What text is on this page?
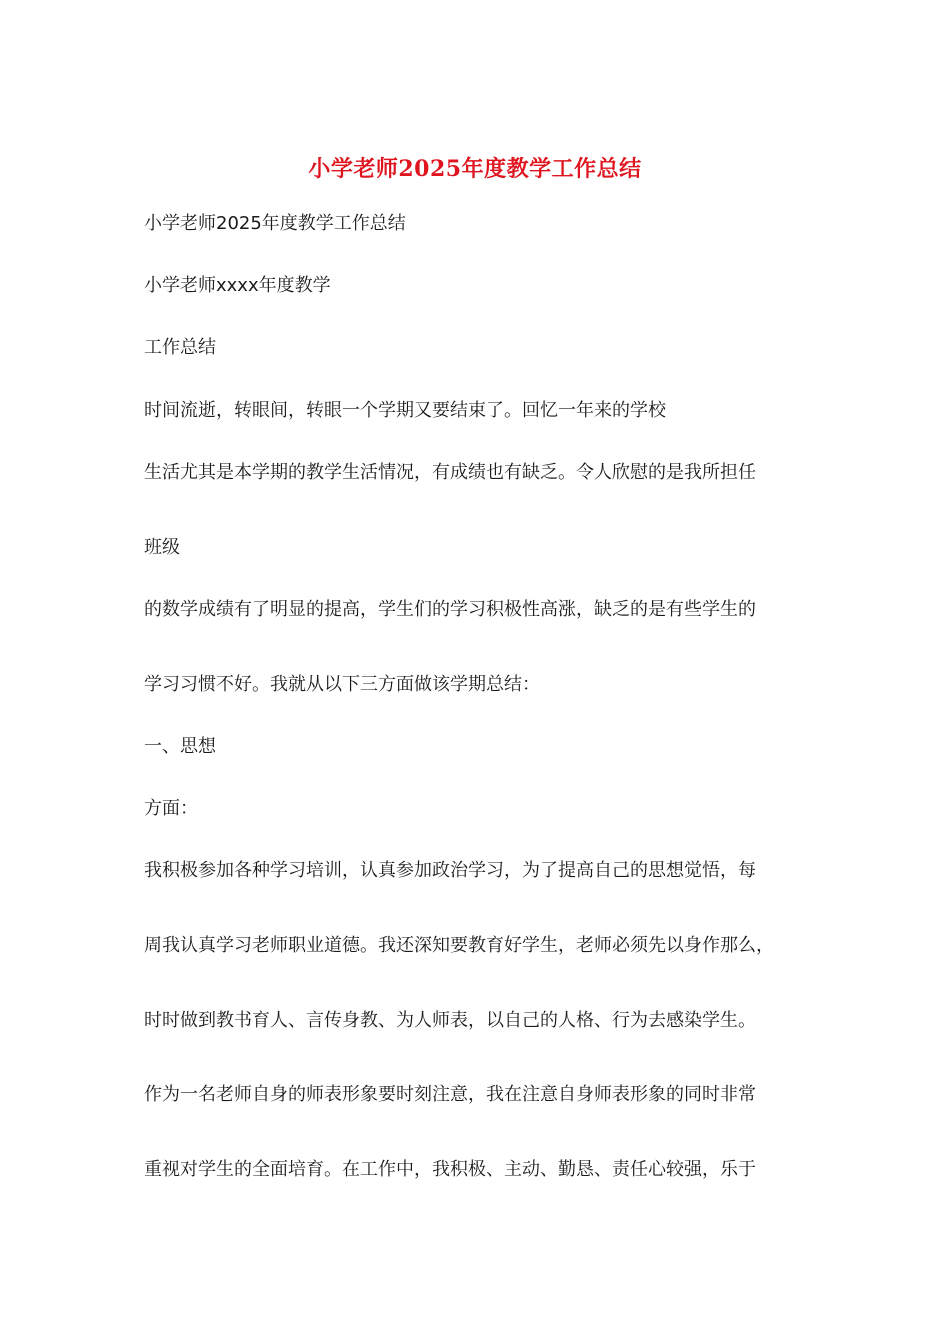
小学老师2025年度教学工作总结
小学老师2025年度教学工作总结
小学老师xxxx年度教学
工作总结
时间流逝，转眼间，转眼一个学期又要结束了。回忆一年来的学校
生活尤其是本学期的教学生活情况，有成绩也有缺乏。令人欣慰的是我所担任
班级
的数学成绩有了明显的提高，学生们的学习积极性高涨，缺乏的是有些学生的
学习习惯不好。我就从以下三方面做该学期总结：
一、思想
方面：
我积极参加各种学习培训，认真参加政治学习，为了提高自己的思想觉悟，每
周我认真学习老师职业道德。我还深知要教育好学生，老师必须先以身作那么，
时时做到教书育人、言传身教、为人师表，以自己的人格、行为去感染学生。
作为一名老师自身的师表形象要时刻注意，我在注意自身师表形象的同时非常
重视对学生的全面培育。在工作中，我积极、主动、勤恳、责任心较强，乐于
